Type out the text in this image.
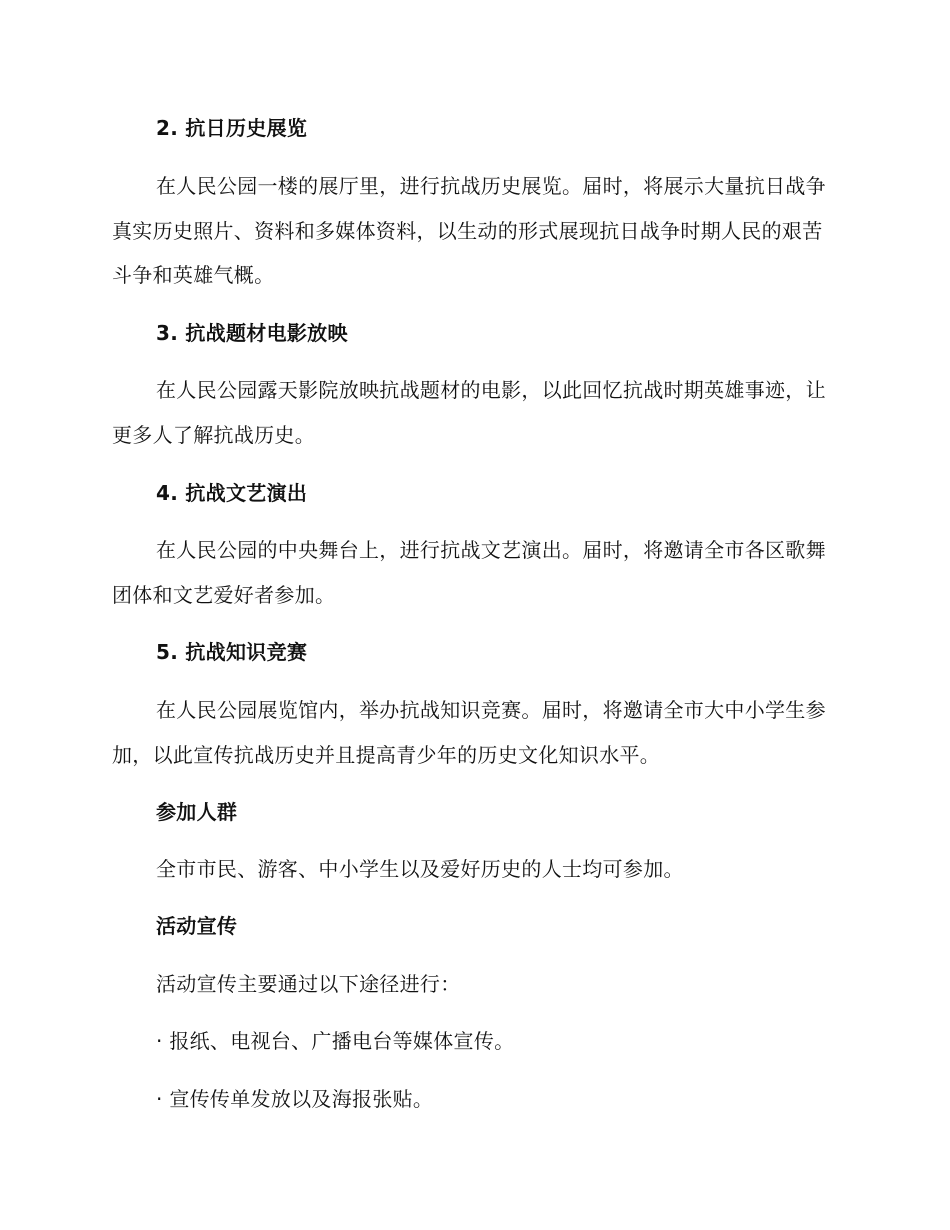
2. 抗日历史展览

在人民公园一楼的展厅里，进行抗战历史展览。届时，将展示大量抗日战争真实历史照片、资料和多媒体资料，以生动的形式展现抗日战争时期人民的艰苦斗争和英雄气概。

3. 抗战题材电影放映

在人民公园露天影院放映抗战题材的电影，以此回忆抗战时期英雄事迹，让更多人了解抗战历史。

4. 抗战文艺演出

在人民公园的中央舞台上，进行抗战文艺演出。届时，将邀请全市各区歌舞团体和文艺爱好者参加。

5. 抗战知识竞赛

在人民公园展览馆内，举办抗战知识竞赛。届时，将邀请全市大中小学生参加，以此宣传抗战历史并且提高青少年的历史文化知识水平。

参加人群

全市市民、游客、中小学生以及爱好历史的人士均可参加。

活动宣传

活动宣传主要通过以下途径进行：

· 报纸、电视台、广播电台等媒体宣传。

· 宣传传单发放以及海报张贴。
